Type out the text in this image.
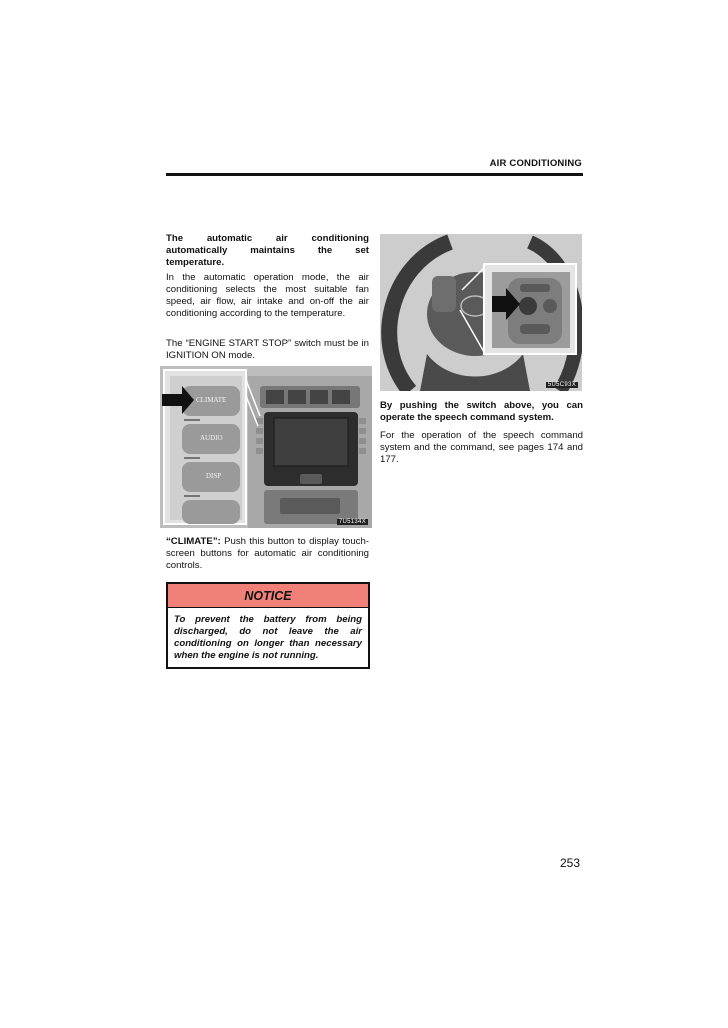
AIR CONDITIONING
The automatic air conditioning automatically maintains the set temperature.
In the automatic operation mode, the air conditioning selects the most suitable fan speed, air flow, air intake and on-off the air conditioning according to the temperature.
The “ENGINE START STOP” switch must be in IGNITION ON mode.
CLIMATE
AUDIO
DISP
7U5134X
“CLIMATE”: Push this button to display touch-screen buttons for automatic air conditioning controls.
NOTICE
To prevent the battery from being discharged, do not leave the air conditioning on longer than necessary when the engine is not running.
5U5C93X
By pushing the switch above, you can operate the speech command system.
For the operation of the speech command system and the command, see pages 174 and 177.
253
